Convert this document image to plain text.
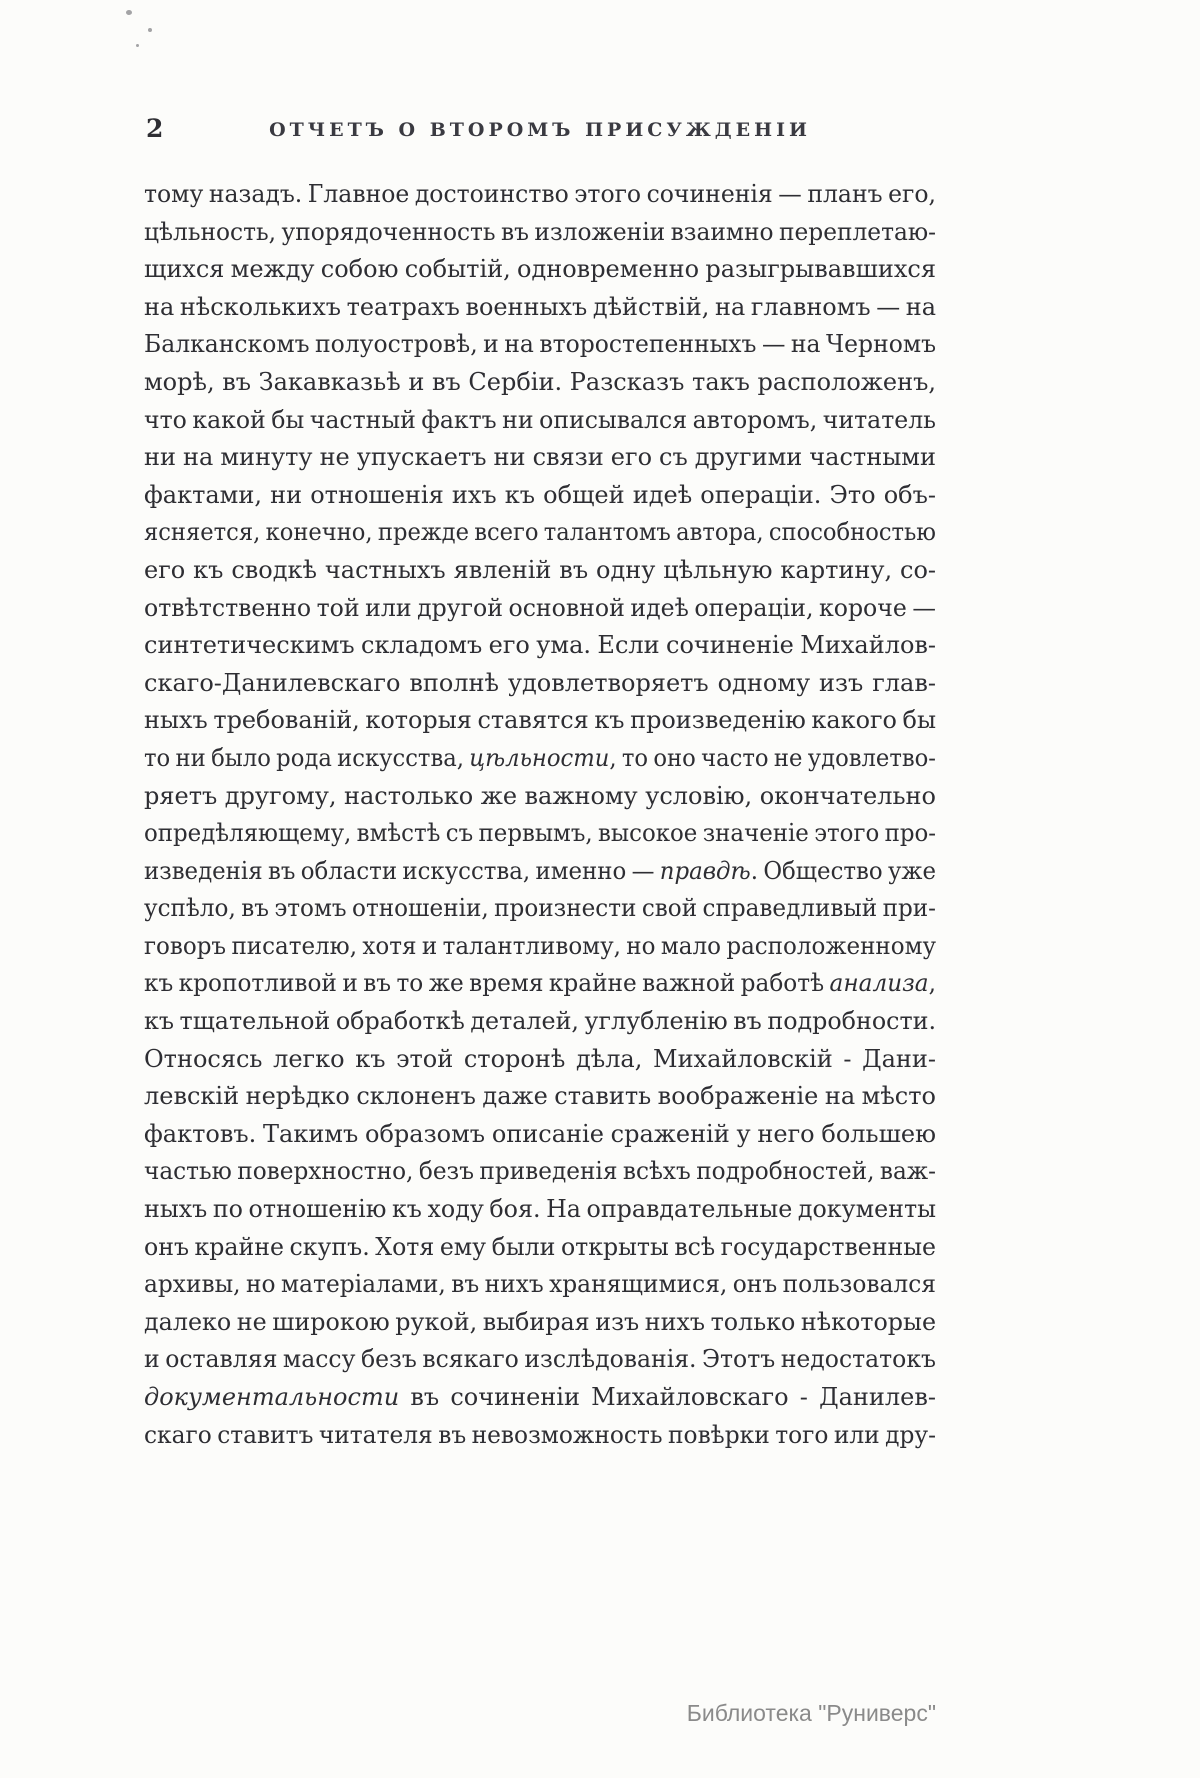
2	ОТЧЕТЪ О ВТОРОМЪ ПРИСУЖДЕНІИ
тому назадъ. Главное достоинство этого сочиненія — планъ его,
цѣльность, упорядоченность въ изложеніи взаимно переплетаю-
щихся между собою событій, одновременно разыгрывавшихся
на нѣсколькихъ театрахъ военныхъ дѣйствій, на главномъ — на
Балканскомъ полуостровѣ, и на второстепенныхъ — на Черномъ
морѣ, въ Закавказьѣ и въ Сербіи. Разсказъ такъ расположенъ,
что какой бы частный фактъ ни описывался авторомъ, читатель
ни на минуту не упускаетъ ни связи его съ другими частными
фактами, ни отношенія ихъ къ общей идеѣ операціи. Это объ-
ясняется, конечно, прежде всего талантомъ автора, способностью
его къ сводкѣ частныхъ явленій въ одну цѣльную картину, со-
отвѣтственно той или другой основной идеѣ операціи, короче —
синтетическимъ складомъ его ума. Если сочиненіе Михайлов-
скаго-Данилевскаго вполнѣ удовлетворяетъ одному изъ глав-
ныхъ требованій, которыя ставятся къ произведенію какого бы
то ни было рода искусства, цѣльности, то оно часто не удовлетво-
ряетъ другому, настолько же важному условію, окончательно
опредѣляющему, вмѣстѣ съ первымъ, высокое значеніе этого про-
изведенія въ области искусства, именно — правдѣ. Общество уже
успѣло, въ этомъ отношеніи, произнести свой справедливый при-
говоръ писателю, хотя и талантливому, но мало расположенному
къ кропотливой и въ то же время крайне важной работѣ анализа,
къ тщательной обработкѣ деталей, углубленію въ подробности.
Относясь легко къ этой сторонѣ дѣла, Михайловскій - Дани-
левскій нерѣдко склоненъ даже ставить воображеніе на мѣсто
фактовъ. Такимъ образомъ описаніе сраженій у него большею
частью поверхностно, безъ приведенія всѣхъ подробностей, важ-
ныхъ по отношенію къ ходу боя. На оправдательные документы
онъ крайне скупъ. Хотя ему были открыты всѣ государственные
архивы, но матеріалами, въ нихъ хранящимися, онъ пользовался
далеко не широкою рукой, выбирая изъ нихъ только нѣкоторые
и оставляя массу безъ всякаго изслѣдованія. Этотъ недостатокъ
документальности въ сочиненіи Михайловскаго - Данилев-
скаго ставитъ читателя въ невозможность повѣрки того или дру-
Библиотека "Руниверс"
